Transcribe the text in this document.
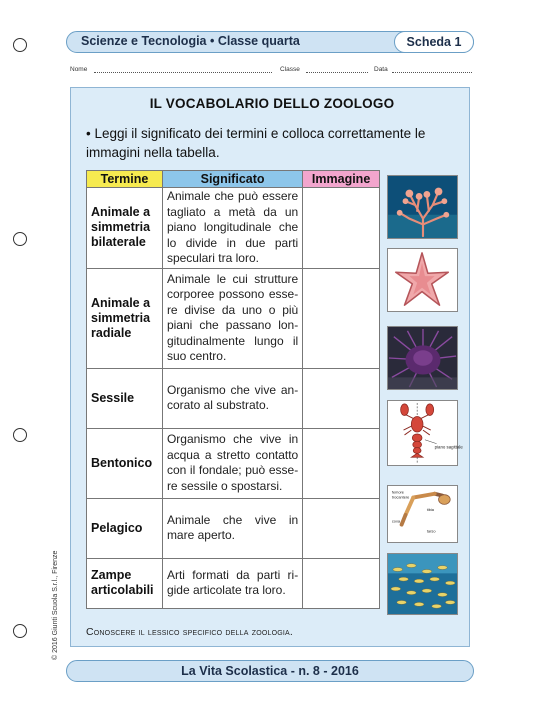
Scienze e Tecnologia • Classe quarta	Scheda 1
Nome	Classe	Data
IL VOCABOLARIO DELLO ZOOLOGO
• Leggi il significato dei termini e colloca correttamente le immagini nella tabella.
Termine	Significato	Immagine
Animale a simmetria bilaterale	Animale che può essere tagliato a metà da un piano longitudinale che lo divide in due parti speculari tra loro.	
Animale a simmetria radiale	Animale le cui strutture corporee possono esse-re divise da uno o più piani che passano lon-gitudinalmente lungo il suo centro.	
Sessile	Organismo che vive an-corato al substrato.	
Bentonico	Organismo che vive in acqua a stretto contatto con il fondale; può esse-re sessile o spostarsi.	
Pelagico	Animale che vive in mare aperto.	
Zampe articolabili	Arti formati da parti ri-gide articolate tra loro.	
piano sagittale
femore
trocantere
tibia
coxa
tarso
Conoscere il lessico specifico della zoologia.
© 2016 Giunti Scuola S.r.l., Firenze
La Vita Scolastica - n. 8 - 2016
